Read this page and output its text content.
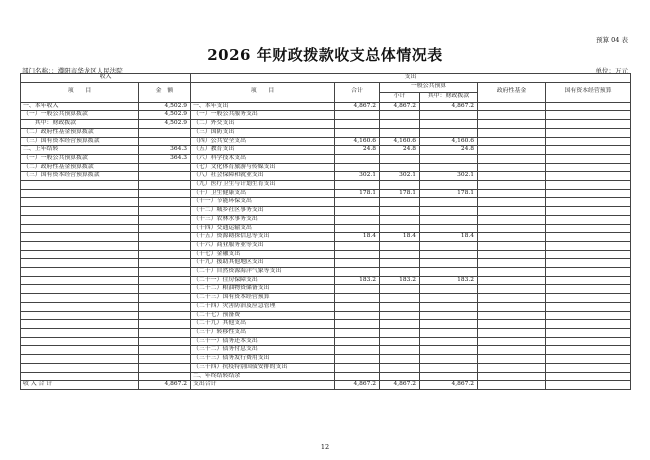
预算 04 表
2026 年财政拨款收支总体情况表
部门名称：：濮阳市华龙区人民法院	单位：万元
收入		支出					
项　　目	金　额	项　　目	合计	一般公共预算		政府性基金	国有资本经营预算
				小计	其中：财政拨款		
一、本年收入	4,502.9	一、本年支出	4,867.2	4,867.2	4,867.2		
（一）一般公共预算拨款	4,502.9	（一）一般公共服务支出					
　　其中：财政拨款	4,502.9	（二）外交支出					
（二）政府性基金预算拨款		（三）国防支出					
（三）国有资本经营预算拨款		（四）公共安全支出	4,160.6	4,160.6	4,160.6		
二、上年结转	364.3	（五）教育支出	24.8	24.8	24.8		
（一）一般公共预算拨款	364.3	（六）科学技术支出					
（二）政府性基金预算拨款		（七）文化体育旅游与传媒支出					
（三）国有资本经营预算拨款		（八）社会保障和就业支出	302.1	302.1	302.1		
		（九）医疗卫生与计划生育支出					
		（十）卫生健康支出	178.1	178.1	178.1		
		（十一）节能环保支出					
		（十二）城乡社区事务支出					
		（十三）农林水事务支出					
		（十四）交通运输支出					
		（十五）资源勘探信息等支出	18.4	18.4	18.4		
		（十六）商业服务业等支出					
		（十七）金融支出					
		（十九）援助其他地区支出					
		（二十）自然资源海洋气象等支出					
		（二十一）住房保障支出	183.2	183.2	183.2		
		（二十二）粮油物资储备支出					
		（二十三）国有资本经营预算					
		（二十四）灾害防治及应急管理					
		（二十七）预备费					
		（二十九）其他支出					
		（三十）转移性支出					
		（三十一）债务还本支出					
		（三十二）债务付息支出					
		（三十三）债务发行费用支出					
		（三十四）抗疫特别国债安排的支出					
		二、年终结转结余					
收 入 合 计	4,867.2	支出合计	4,867.2	4,867.2	4,867.2		
12
